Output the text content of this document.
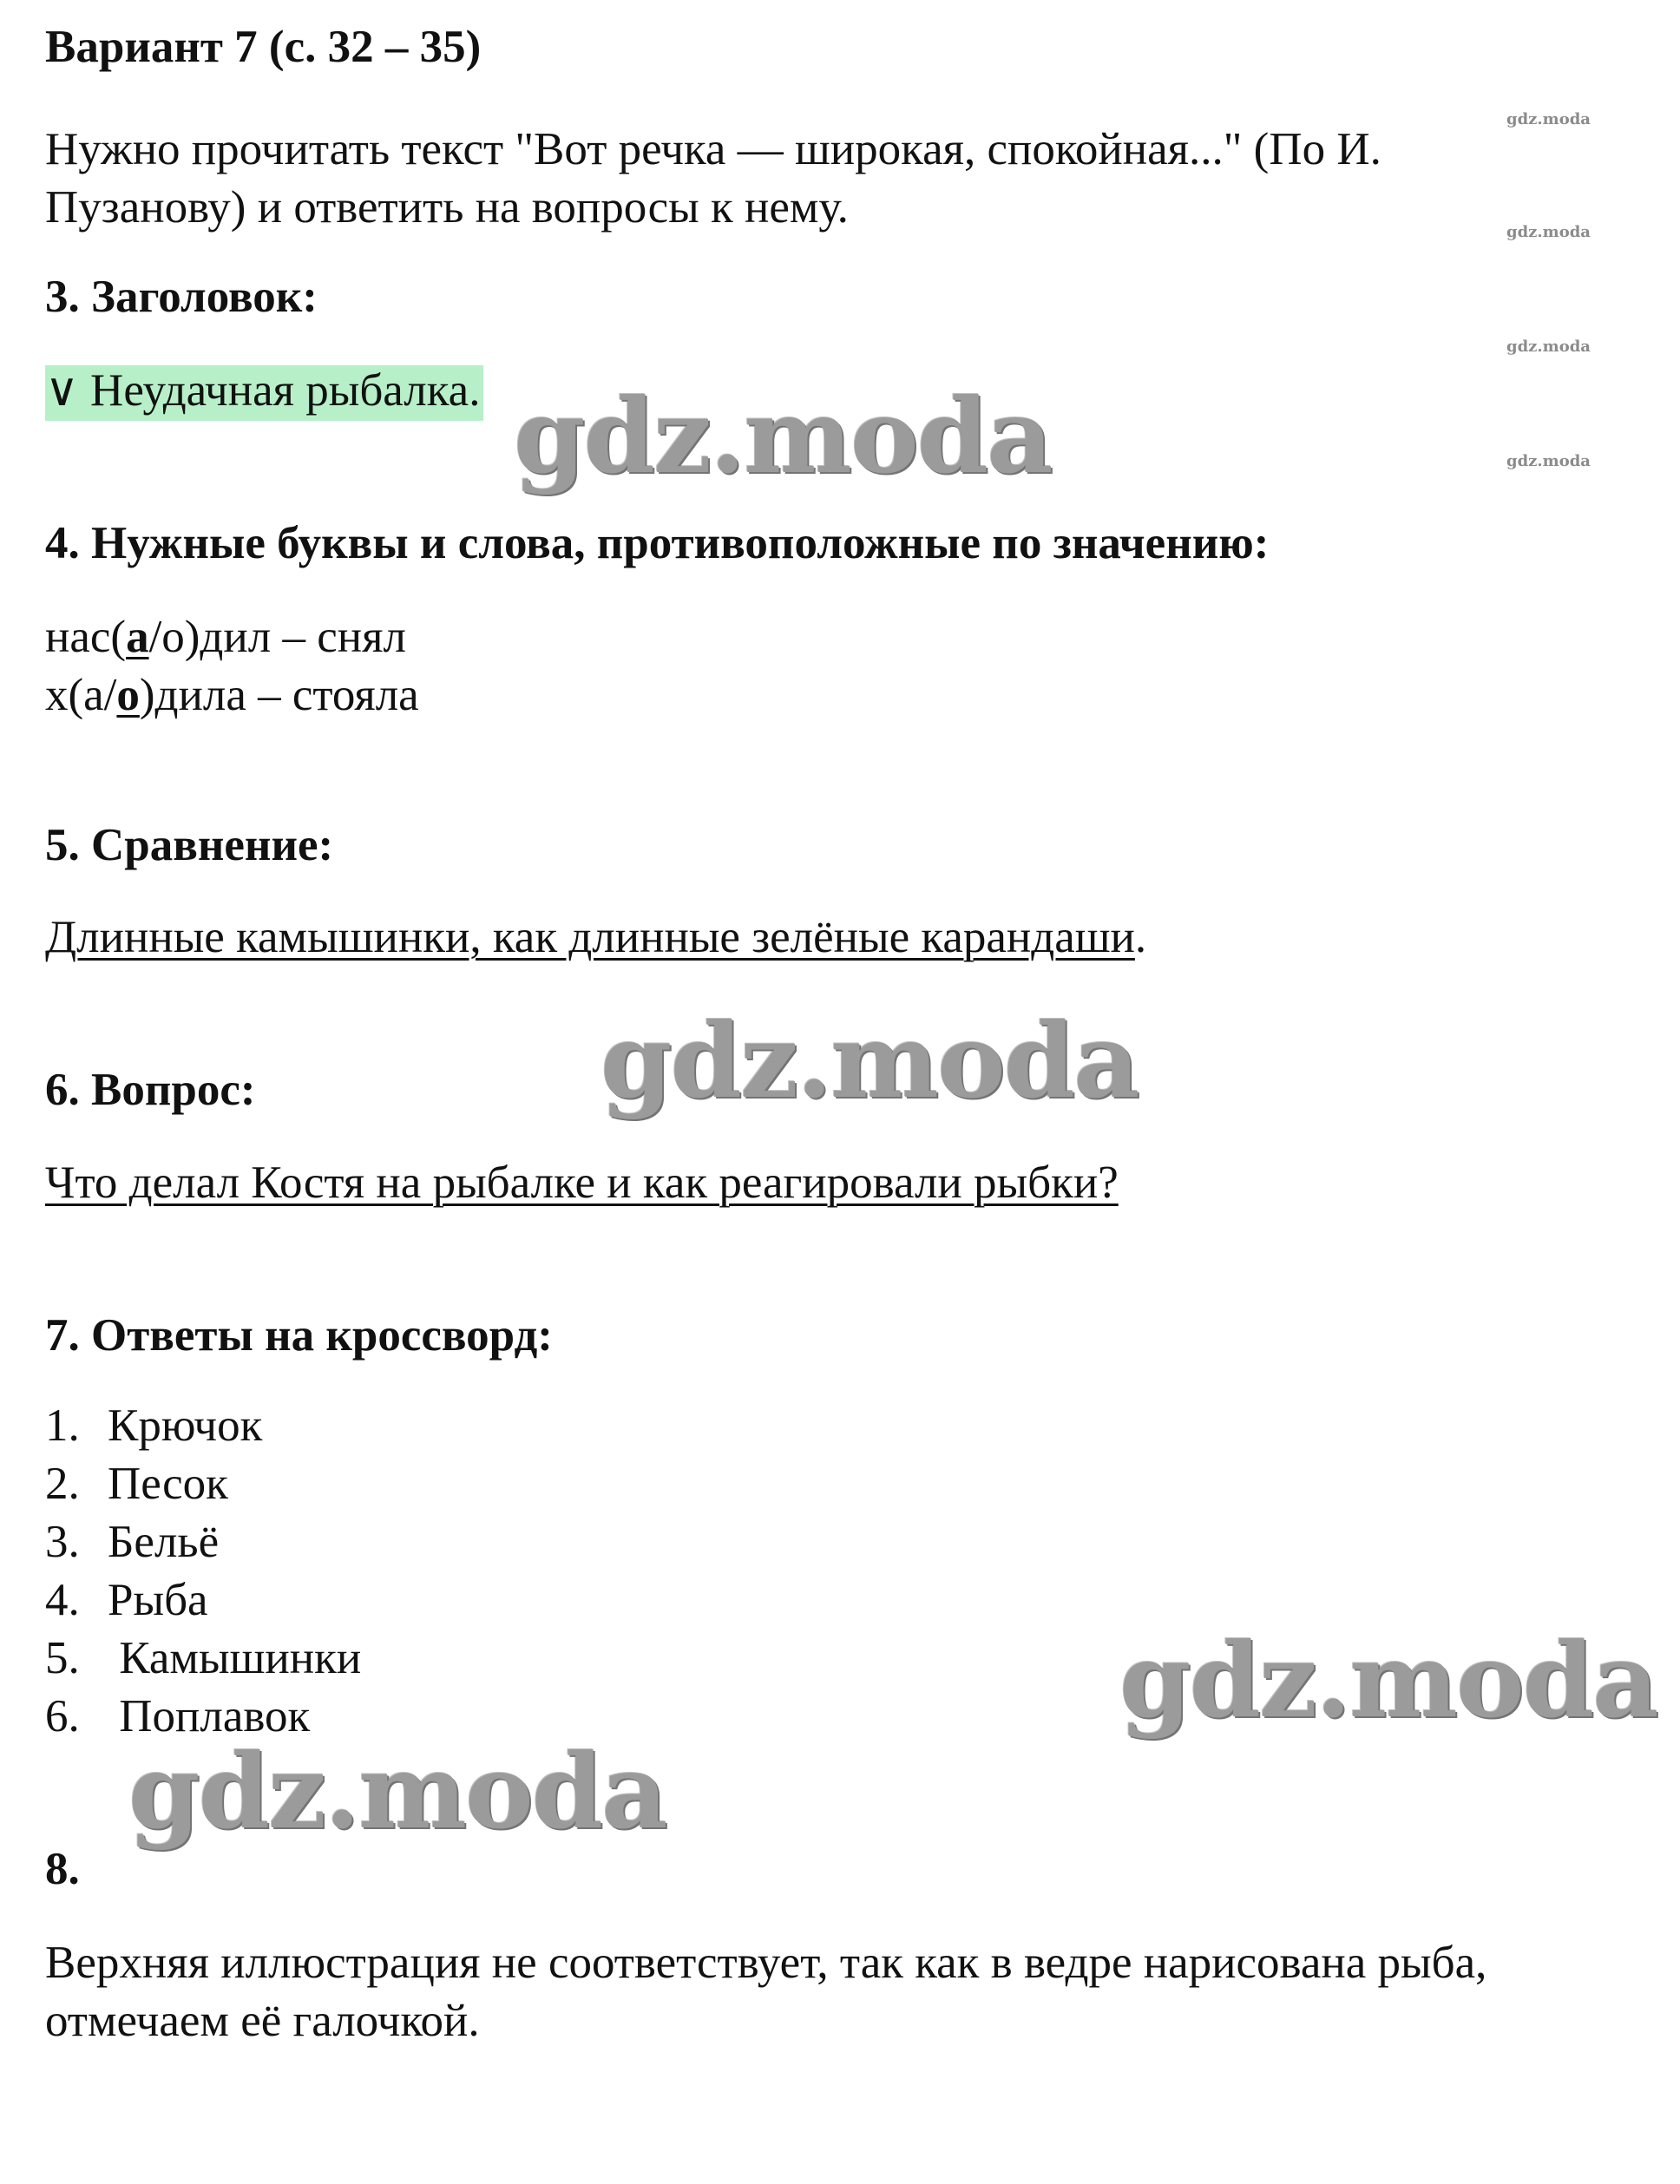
Вариант 7 (с. 32 – 35)

Нужно прочитать текст "Вот речка — широкая, спокойная..." (По И.

Пузанову) и ответить на вопросы к нему.

3. Заголовок:

∨ Неудачная рыбалка.

4. Нужные буквы и слова, противоположные по значению:

нас(а/о)дил – снял

х(а/о)дила – стояла

5. Сравнение:

Длинные камышинки, как длинные зелёные карандаши.

6. Вопрос:

Что делал Костя на рыбалке и как реагировали рыбки?

7. Ответы на кроссворд:

1. Крючок

2. Песок

3. Бельё

4. Рыба

5. Камышинки

6. Поплавок

8.

Верхняя иллюстрация не соответствует, так как в ведре нарисована рыба,

отмечаем её галочкой.

gdz.moda
gdz.moda
gdz.moda
gdz.moda
gdz.moda
gdz.moda
gdz.moda
gdz.moda
